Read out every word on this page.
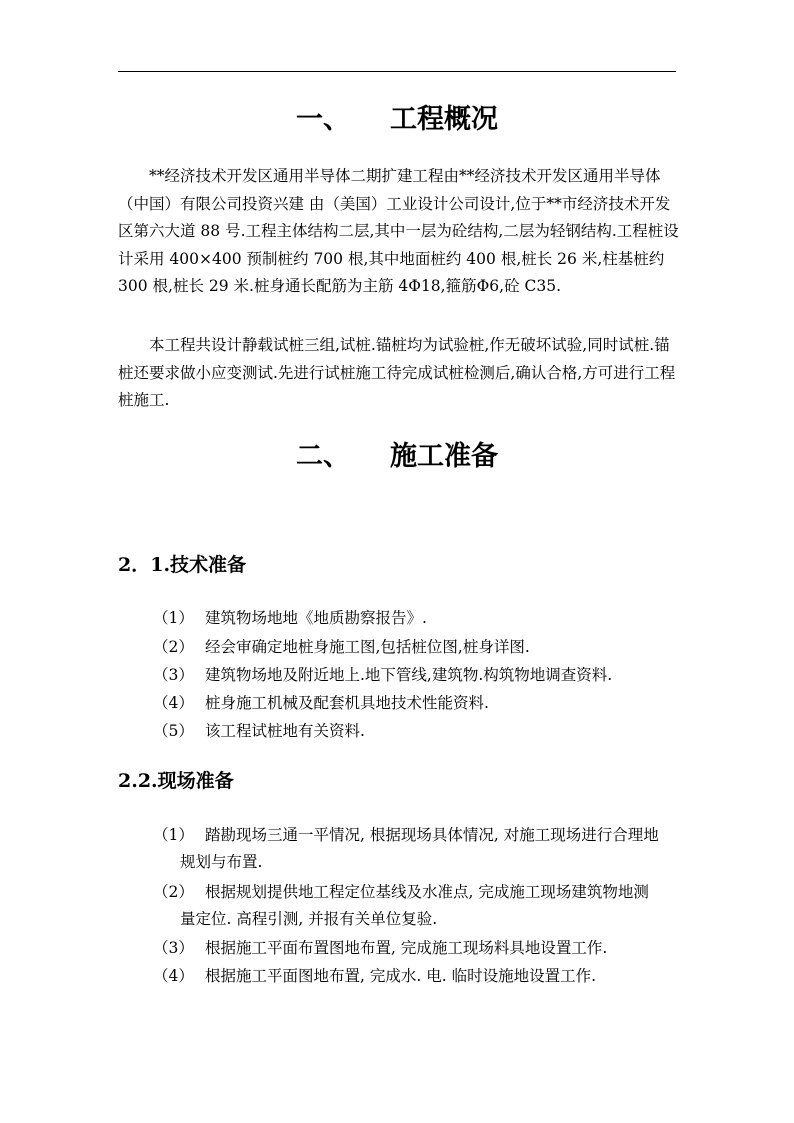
一、 工程概况
**经济技术开发区通用半导体二期扩建工程由**经济技术开发区通用半导体（中国）有限公司投资兴建 由（美国）工业设计公司设计,位于**市经济技术开发区第六大道 88 号.工程主体结构二层,其中一层为砼结构,二层为轻钢结构.工程桩设计采用 400×400 预制桩约 700 根,其中地面桩约 400 根,桩长 26 米,柱基桩约 300 根,桩长 29 米.桩身通长配筋为主筋 4Φ18,箍筋Φ6,砼 C35.
本工程共设计静载试桩三组,试桩.锚桩均为试验桩,作无破坏试验,同时试桩.锚桩还要求做小应变测试.先进行试桩施工待完成试桩检测后,确认合格,方可进行工程桩施工.
二、 施工准备
2．1.技术准备
（1） 建筑物场地地《地质勘察报告》.
（2） 经会审确定地桩身施工图,包括桩位图,桩身详图.
（3） 建筑物场地及附近地上.地下管线,建筑物.构筑物地调查资料.
（4） 桩身施工机械及配套机具地技术性能资料.
（5） 该工程试桩地有关资料.
2.2.现场准备
（1） 踏勘现场三通一平情况, 根据现场具体情况, 对施工现场进行合理地
规划与布置.
（2） 根据规划提供地工程定位基线及水准点, 完成施工现场建筑物地测
量定位. 高程引测, 并报有关单位复验.
（3） 根据施工平面布置图地布置, 完成施工现场料具地设置工作.
（4） 根据施工平面图地布置, 完成水. 电. 临时设施地设置工作.
